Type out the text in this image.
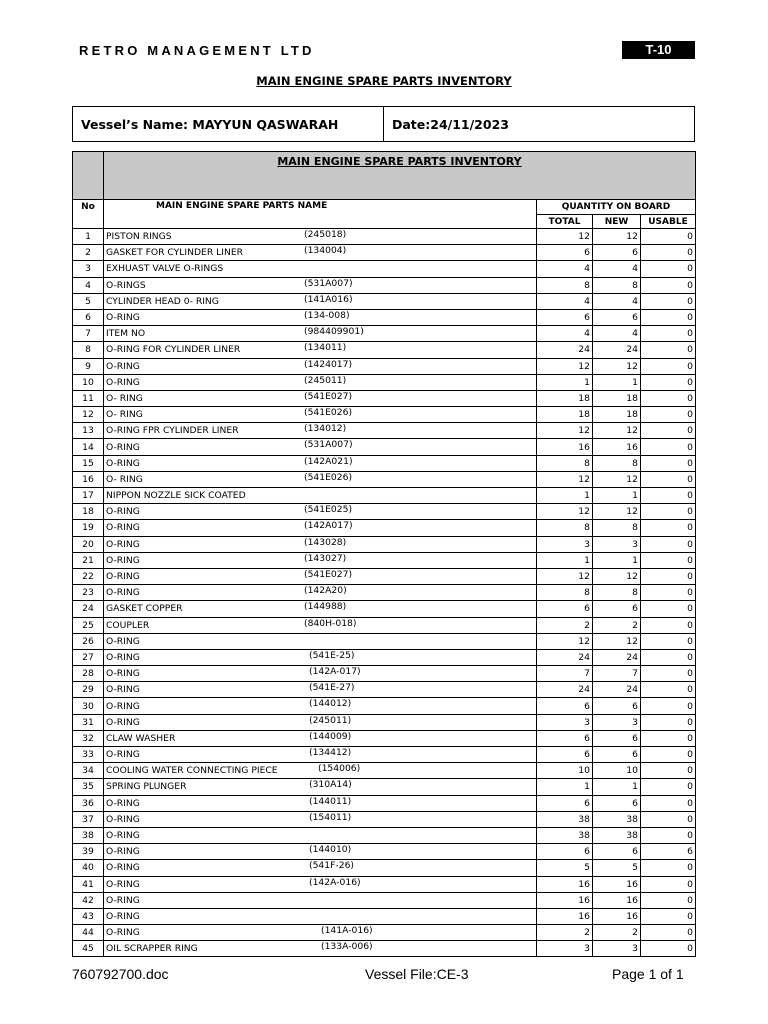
RETRO MANAGEMENT LTD	T-10
MAIN ENGINE SPARE PARTS INVENTORY
Vessel’s Name: MAYYUN QASWARAH	Date:24/11/2023
	MAIN ENGINE SPARE PARTS INVENTORY			
No	MAIN ENGINE SPARE PARTS NAME	QUANTITY ON BOARD		
		TOTAL	NEW	USABLE
1	PISTON RINGS (245018)	12	12	0
2	GASKET FOR CYLINDER LINER (134004)	6	6	0
3	EXHUAST VALVE O-RINGS	4	4	0
4	O-RINGS (531A007)	8	8	0
5	CYLINDER HEAD 0- RING (141A016)	4	4	0
6	O-RING (134-008)	6	6	0
7	ITEM NO (984409901)	4	4	0
8	O-RING FOR CYLINDER LINER (134011)	24	24	0
9	O-RING (1424017)	12	12	0
10	O-RING (245011)	1	1	0
11	O- RING (541E027)	18	18	0
12	O- RING (541E026)	18	18	0
13	O-RING FPR CYLINDER LINER (134012)	12	12	0
14	O-RING (531A007)	16	16	0
15	O-RING (142A021)	8	8	0
16	O- RING (541E026)	12	12	0
17	NIPPON NOZZLE SICK COATED	1	1	0
18	O-RING (541E025)	12	12	0
19	O-RING (142A017)	8	8	0
20	O-RING (143028)	3	3	0
21	O-RING (143027)	1	1	0
22	O-RING (541E027)	12	12	0
23	O-RING (142A20)	8	8	0
24	GASKET COPPER (144988)	6	6	0
25	COUPLER (840H-018)	2	2	0
26	O-RING	12	12	0
27	O-RING (541E-25)	24	24	0
28	O-RING (142A-017)	7	7	0
29	O-RING (541E-27)	24	24	0
30	O-RING (144012)	6	6	0
31	O-RING (245011)	3	3	0
32	CLAW WASHER (144009)	6	6	0
33	O-RING (134412)	6	6	0
34	COOLING WATER CONNECTING PIECE (154006)	10	10	0
35	SPRING PLUNGER (310A14)	1	1	0
36	O-RING (144011)	6	6	0
37	O-RING (154011)	38	38	0
38	O-RING	38	38	0
39	O-RING (144010)	6	6	6
40	O-RING (541F-26)	5	5	0
41	O-RING (142A-016)	16	16	0
42	O-RING	16	16	0
43	O-RING	16	16	0
44	O-RING (141A-016)	2	2	0
45	OIL SCRAPPER RING (133A-006)	3	3	0
760792700.doc	Vessel File:CE-3	Page 1 of 1
